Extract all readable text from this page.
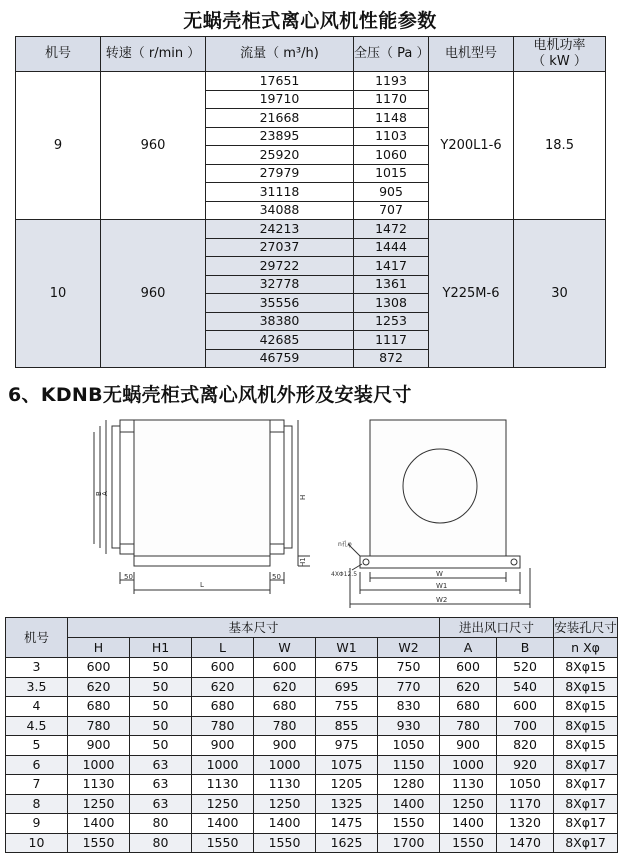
无蜗壳柜式离心风机性能参数
机号	转速（ r/min ）	流量（ m³/h)	全压（ Pa ）	电机型号	电机功率
（ kW ）
9	960	17651	1193	Y200L1-6	18.5
		19710	1170		
		21668	1148		
		23895	1103		
		25920	1060		
		27979	1015		
		31118	905		
		34088	707		
10	960	24213	1472	Y225M-6	30
		27037	1444		
		29722	1417		
		32778	1361		
		35556	1308		
		38380	1253		
		42685	1117		
		46759	872		
6、KDNB无蜗壳柜式离心风机外形及安装尺寸
A
B
H
H1
L
50	50	W
W1
W2
n孔φ
4XΦ12.5
机号	基本尺寸						进出风口尺寸		安装孔尺寸
	H	H1	L	W	W1	W2	A	B	n Xφ
3	600	50	600	600	675	750	600	520	8Xφ15
3.5	620	50	620	620	695	770	620	540	8Xφ15
4	680	50	680	680	755	830	680	600	8Xφ15
4.5	780	50	780	780	855	930	780	700	8Xφ15
5	900	50	900	900	975	1050	900	820	8Xφ15
6	1000	63	1000	1000	1075	1150	1000	920	8Xφ17
7	1130	63	1130	1130	1205	1280	1130	1050	8Xφ17
8	1250	63	1250	1250	1325	1400	1250	1170	8Xφ17
9	1400	80	1400	1400	1475	1550	1400	1320	8Xφ17
10	1550	80	1550	1550	1625	1700	1550	1470	8Xφ17
